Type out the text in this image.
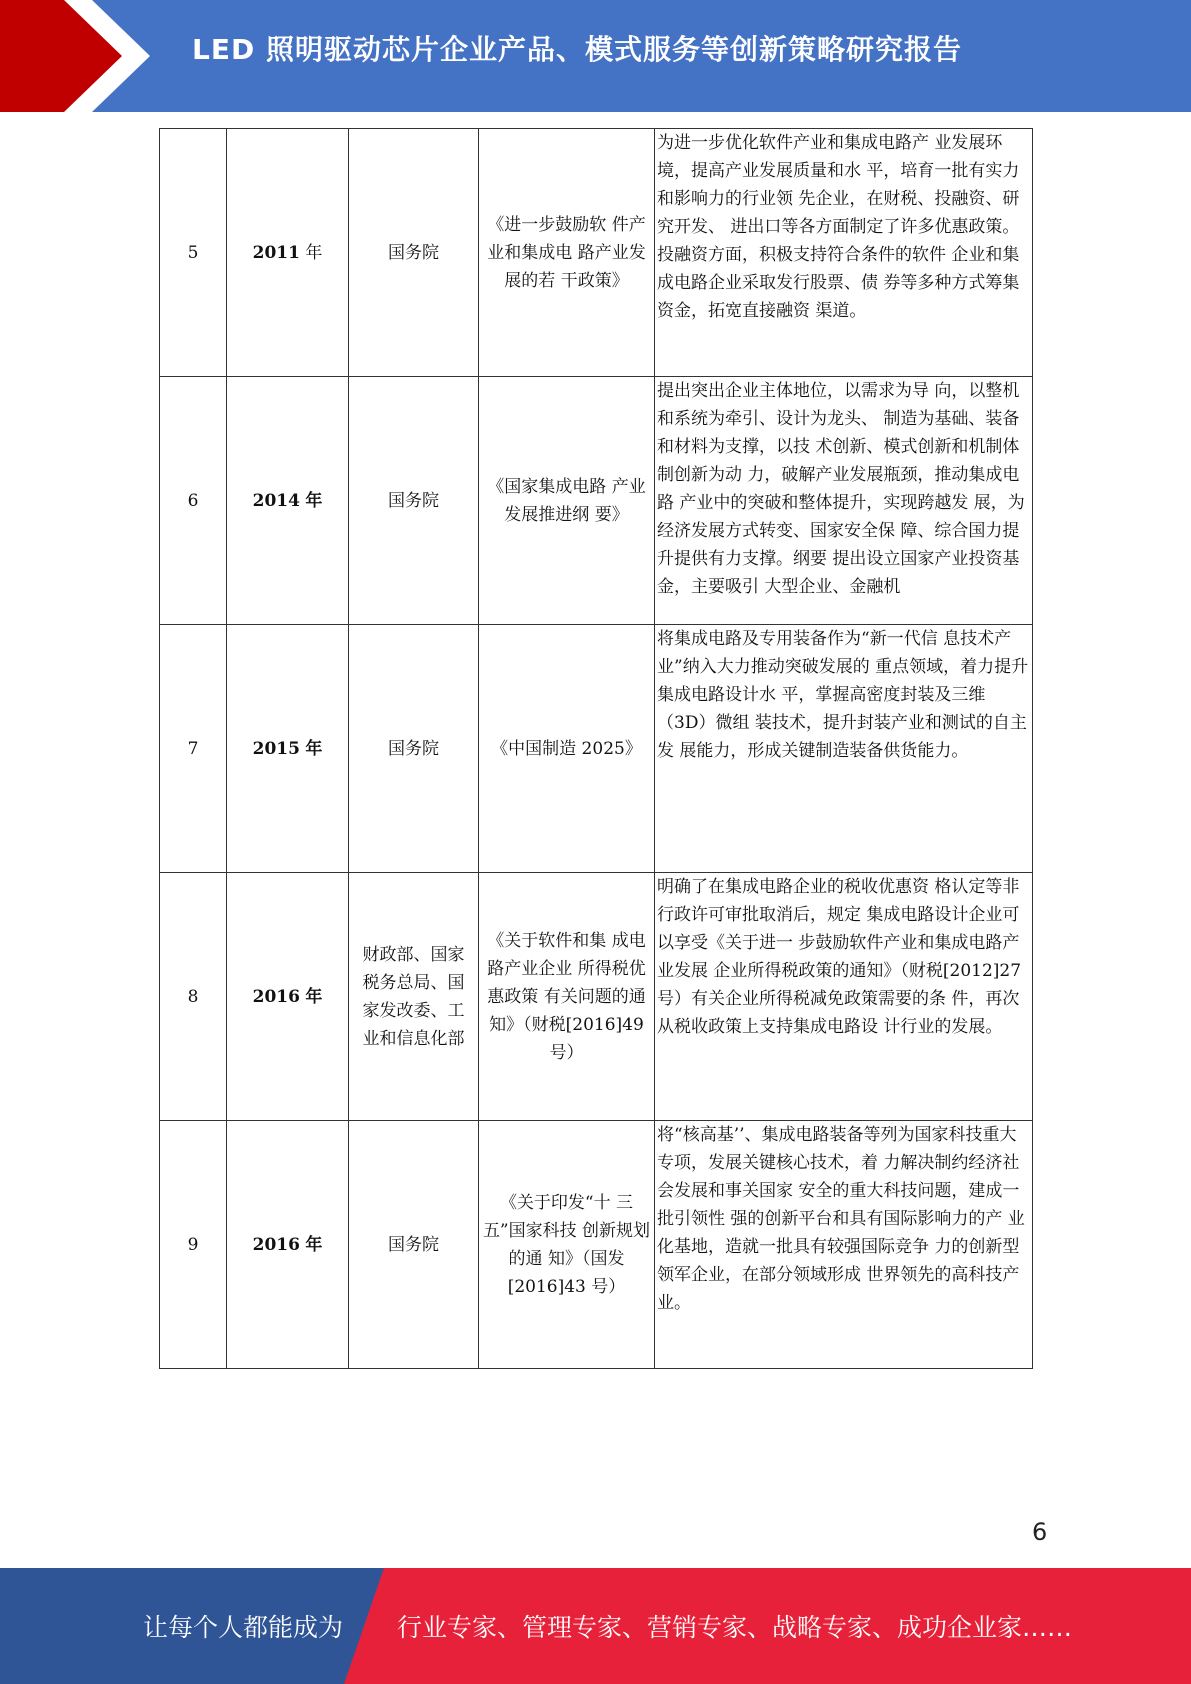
LED 照明驱动芯片企业产品、模式服务等创新策略研究报告
5	2011 年	国务院	《进一步鼓励软 件产业和集成电 路产业发展的若 干政策》	为进一步优化软件产业和集成电路产 业发展环境，提高产业发展质量和水 平，培育一批有实力和影响力的行业领 先企业，在财税、投融资、研究开发、 进出口等各方面制定了许多优惠政策。 投融资方面，积极支持符合条件的软件 企业和集成电路企业采取发行股票、债 券等多种方式筹集资金，拓宽直接融资 渠道。

6	2014 年	国务院	《国家集成电路 产业发展推进纲 要》	提出突出企业主体地位，以需求为导 向，以整机和系统为牵引、设计为龙头、 制造为基础、装备和材料为支撑，以技 术创新、模式创新和机制体制创新为动 力，破解产业发展瓶颈，推动集成电路 产业中的突破和整体提升，实现跨越发 展，为经济发展方式转变、国家安全保 障、综合国力提升提供有力支撑。纲要 提出设立国家产业投资基金，主要吸引 大型企业、金融机

7	2015 年	国务院	《中国制造 2025》	将集成电路及专用装备作为“新一代信 息技术产业”纳入大力推动突破发展的 重点领域，着力提升集成电路设计水 平，掌握高密度封装及三维（3D）微组 装技术，提升封装产业和测试的自主发 展能力，形成关键制造装备供货能力。

8	2016 年	财政部、国家税务总局、国家发改委、工业和信息化部	《关于软件和集 成电路产业企业 所得税优惠政策 有关问题的通 知》（财税[2016]49 号）	明确了在集成电路企业的税收优惠资 格认定等非行政许可审批取消后，规定 集成电路设计企业可以享受《关于进一 步鼓励软件产业和集成电路产业发展 企业所得税政策的通知》（财税[2012]27 号）有关企业所得税减免政策需要的条 件，再次从税收政策上支持集成电路设 计行业的发展。

9	2016 年	国务院	《关于印发“十 三五”国家科技 创新规划的通 知》（国发[2016]43 号）	将“核高基’’、集成电路装备等列为国家科技重大专项，发展关键核心技术，着 力解决制约经济社会发展和事关国家 安全的重大科技问题，建成一批引领性 强的创新平台和具有国际影响力的产 业化基地，造就一批具有较强国际竞争 力的创新型领军企业，在部分领域形成 世界领先的高科技产业。
6
让每个人都能成为 行业专家、管理专家、营销专家、战略专家、成功企业家……
